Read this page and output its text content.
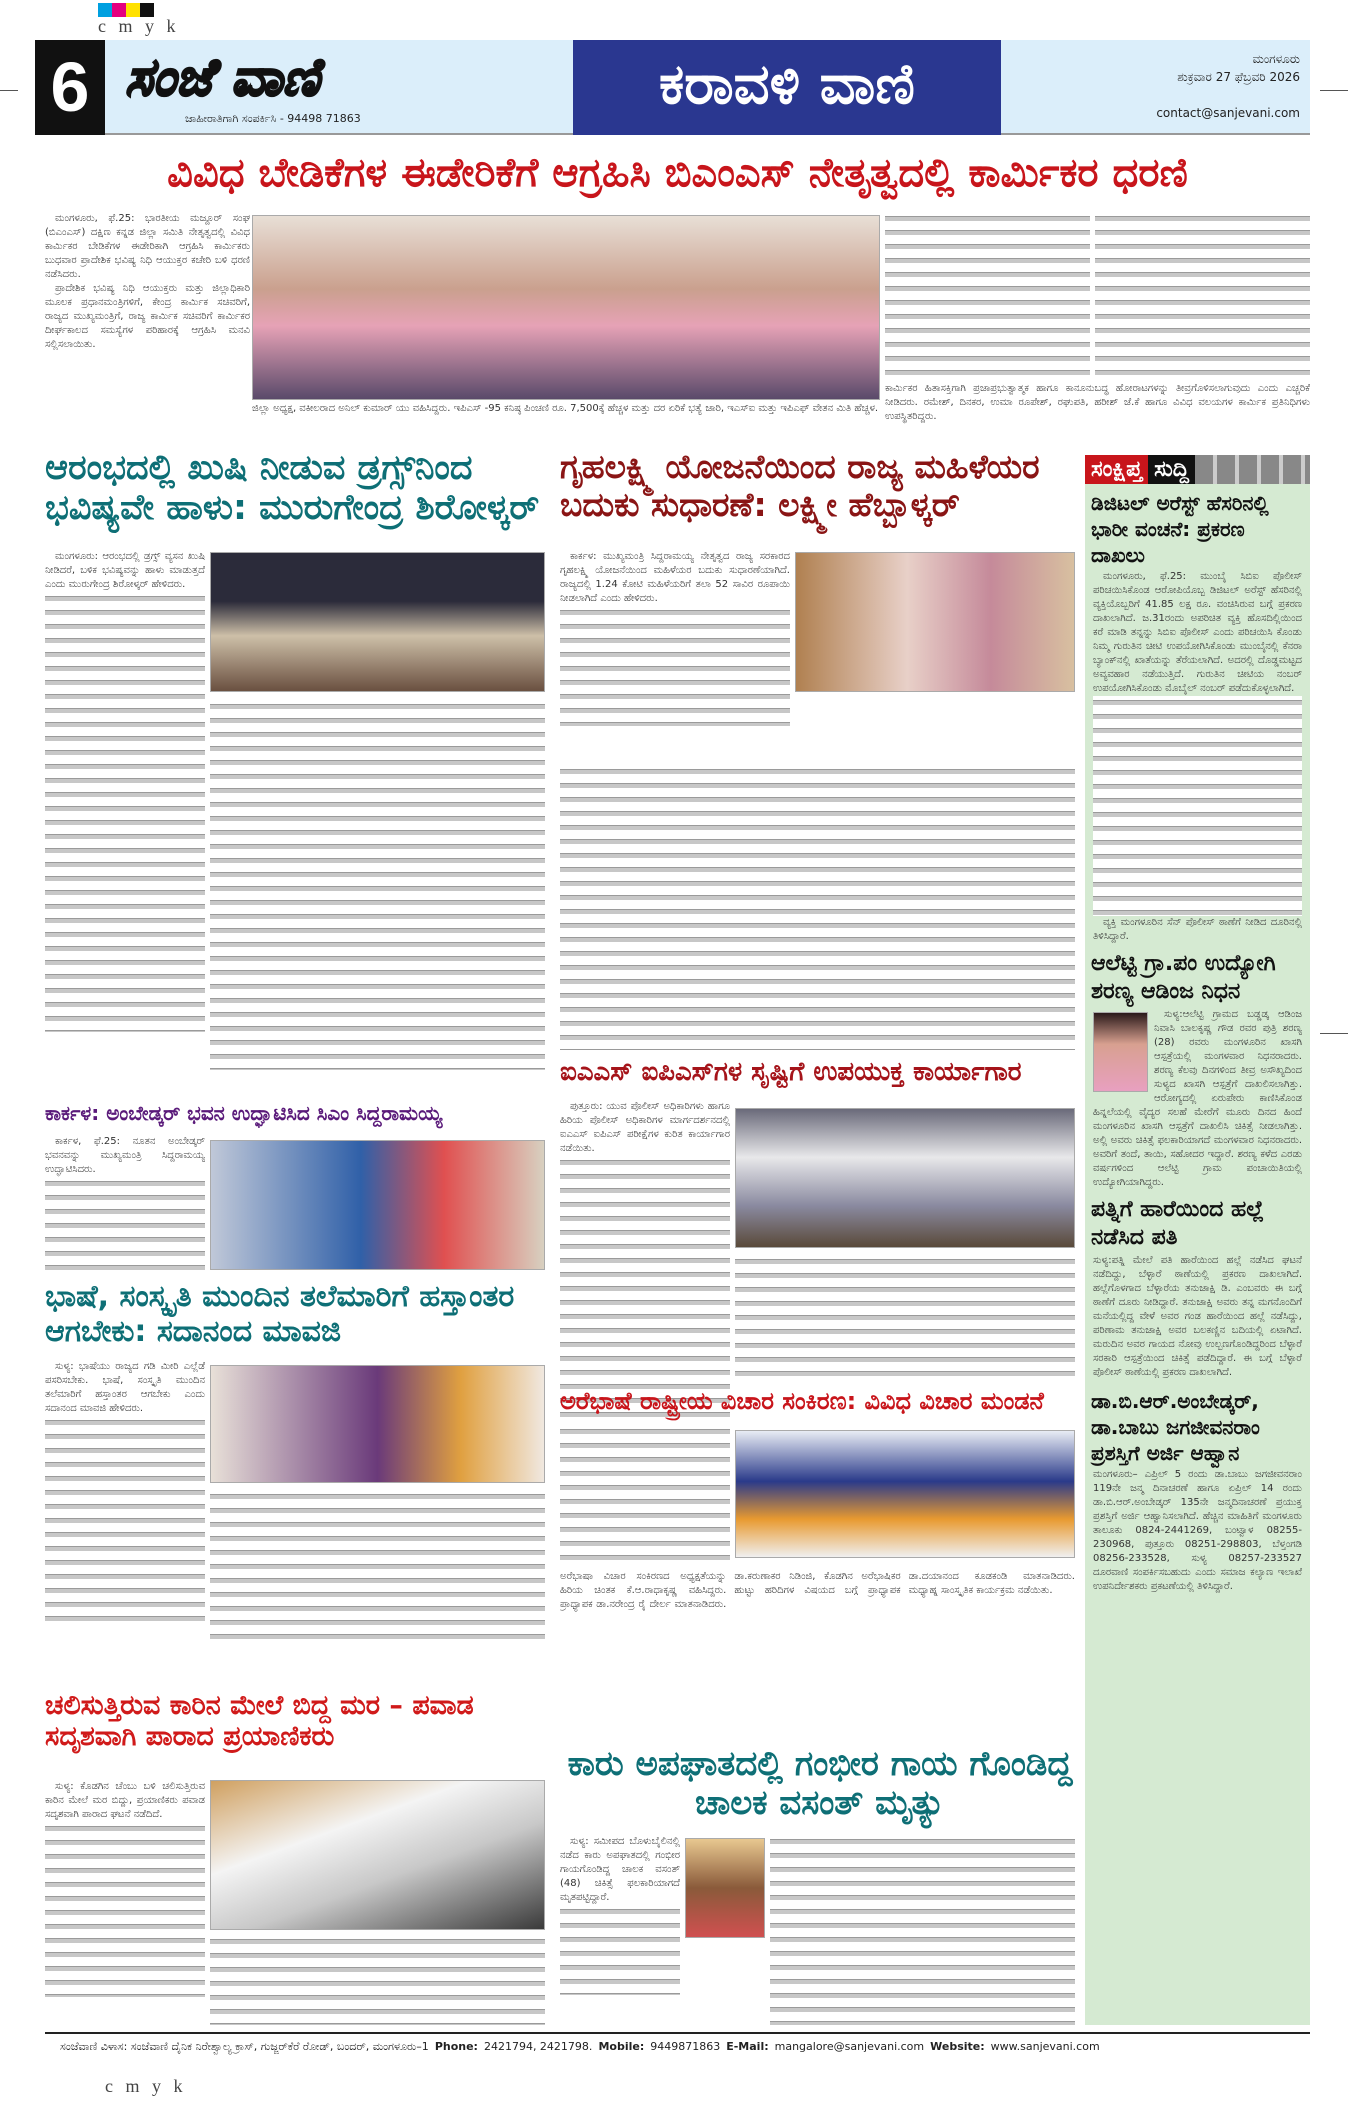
c m y k
c m y k
6 ಸಂಜೆ ವಾಣಿ
ಜಾಹೀರಾತಿಗಾಗಿ ಸಂಪರ್ಕಿಸಿ - 94498 71863
ಕರಾವಳಿ ವಾಣಿ	ಮಂಗಳೂರು
ಶುಕ್ರವಾರ 27 ಫೆಬ್ರವರಿ 2026
contact@sanjevani.com
ವಿವಿಧ ಬೇಡಿಕೆಗಳ ಈಡೇರಿಕೆಗೆ ಆಗ್ರಹಿಸಿ ಬಿಎಂಎಸ್ ನೇತೃತ್ವದಲ್ಲಿ ಕಾರ್ಮಿಕರ ಧರಣಿ

ಮಂಗಳೂರು, ಫೆ.25: ಭಾರತೀಯ ಮಜ್ದೂರ್ ಸಂಘ (ಬಿಎಂಎಸ್) ದಕ್ಷಿಣ ಕನ್ನಡ ಜಿಲ್ಲಾ ಸಮಿತಿ ನೇತೃತ್ವದಲ್ಲಿ ವಿವಿಧ ಕಾರ್ಮಿಕರ ಬೇಡಿಕೆಗಳ ಈಡೇರಿಕಾಗಿ ಆಗ್ರಹಿಸಿ ಕಾರ್ಮಿಕರು ಬುಧವಾರ ಪ್ರಾದೇಶಿಕ ಭವಿಷ್ಯ ನಿಧಿ ಆಯುಕ್ತರ ಕಚೇರಿ ಬಳಿ ಧರಣಿ ನಡೆಸಿದರು.

ಪ್ರಾದೇಶಿಕ ಭವಿಷ್ಯ ನಿಧಿ ಆಯುಕ್ತರು ಮತ್ತು ಜಿಲ್ಲಾಧಿಕಾರಿ ಮೂಲಕ ಪ್ರಧಾನಮಂತ್ರಿಗಳಿಗೆ, ಕೇಂದ್ರ ಕಾರ್ಮಿಕ ಸಚಿವರಿಗೆ, ರಾಜ್ಯದ ಮುಖ್ಯಮಂತ್ರಿಗೆ, ರಾಜ್ಯ ಕಾರ್ಮಿಕ ಸಚಿವರಿಗೆ ಕಾರ್ಮಿಕರ ದೀರ್ಘಕಾಲದ ಸಮಸ್ಯೆಗಳ ಪರಿಹಾರಕ್ಕೆ ಆಗ್ರಹಿಸಿ ಮನವಿ ಸಲ್ಲಿಸಲಾಯಿತು.

ಜಿಲ್ಲಾ ಅಧ್ಯಕ್ಷ, ವಕೀಲರಾದ ಅನಿಲ್ ಕುಮಾರ್ ಯು ವಹಿಸಿದ್ದರು. ಇಪಿಎಸ್ -95 ಕನಿಷ್ಠ ಪಿಂಚಣಿ ರೂ. 7,500ಕ್ಕೆ ಹೆಚ್ಚಳ ಮತ್ತು ದರ ಏರಿಕೆ ಭತ್ಯೆ ಜಾರಿ, ಇಎಸ್ಐ ಮತ್ತು ಇಪಿಎಫ್ ವೇತನ ಮಿತಿ ಹೆಚ್ಚಳ.
ಕಾರ್ಮಿಕರ ಹಿತಾಸಕ್ತಿಗಾಗಿ ಪ್ರಜಾಪ್ರಭುತ್ವಾತ್ಮಕ ಹಾಗೂ ಕಾನೂನುಬದ್ಧ ಹೋರಾಟಗಳನ್ನು ತೀವ್ರಗೊಳಿಸಲಾಗುವುದು ಎಂದು ಎಚ್ಚರಿಕೆ ನೀಡಿದರು. ರಮೇಶ್, ದಿನಕರ, ಉಮಾ ರೂಪೇಶ್, ರಘುಪತಿ, ಹರೀಶ್ ಜೆ.ಕೆ ಹಾಗೂ ವಿವಿಧ ವಲಯಗಳ ಕಾರ್ಮಿಕ ಪ್ರತಿನಿಧಿಗಳು ಉಪಸ್ಥಿತರಿದ್ದರು.
ಆರಂಭದಲ್ಲಿ ಖುಷಿ ನೀಡುವ ಡ್ರಗ್ಸ್‌ನಿಂದ ಭವಿಷ್ಯವೇ ಹಾಳು: ಮುರುಗೇಂದ್ರ ಶಿರೋಳ್ಕರ್

ಮಂಗಳೂರು: ಆರಂಭದಲ್ಲಿ ಡ್ರಗ್ಸ್ ವ್ಯಸನ ಖುಷಿ ನೀಡಿದರೆ, ಬಳಿಕ ಭವಿಷ್ಯವನ್ನು ಹಾಳು ಮಾಡುತ್ತದೆ ಎಂದು ಮುರುಗೇಂದ್ರ ಶಿರೋಳ್ಕರ್ ಹೇಳಿದರು.

ಗೃಹಲಕ್ಷ್ಮಿ ಯೋಜನೆಯಿಂದ ರಾಜ್ಯ ಮಹಿಳೆಯರ ಬದುಕು ಸುಧಾರಣೆ: ಲಕ್ಷ್ಮೀ ಹೆಬ್ಬಾಳ್ಕರ್

ಕಾರ್ಕಳ: ಮುಖ್ಯಮಂತ್ರಿ ಸಿದ್ದರಾಮಯ್ಯ ನೇತೃತ್ವದ ರಾಜ್ಯ ಸರಕಾರದ ಗೃಹಲಕ್ಷ್ಮಿ ಯೋಜನೆಯಿಂದ ಮಹಿಳೆಯರ ಬದುಕು ಸುಧಾರಣೆಯಾಗಿದೆ. ರಾಜ್ಯದಲ್ಲಿ 1.24 ಕೋಟಿ ಮಹಿಳೆಯರಿಗೆ ತಲಾ 52 ಸಾವಿರ ರೂಪಾಯಿ ನೀಡಲಾಗಿದೆ ಎಂದು ಹೇಳಿದರು.

ಐಎಎಸ್ ಐಪಿಎಸ್‌ಗಳ ಸೃಷ್ಟಿಗೆ ಉಪಯುಕ್ತ ಕಾರ್ಯಾಗಾರ

ಪುತ್ತೂರು: ಯುವ ಪೊಲೀಸ್ ಅಧಿಕಾರಿಗಳು ಹಾಗೂ ಹಿರಿಯ ಪೊಲೀಸ್ ಅಧಿಕಾರಿಗಳ ಮಾರ್ಗದರ್ಶನದಲ್ಲಿ ಐಎಎಸ್ ಐಪಿಎಸ್ ಪರೀಕ್ಷೆಗಳ ಕುರಿತ ಕಾರ್ಯಾಗಾರ ನಡೆಯಿತು.

ಕಾರ್ಕಳ: ಅಂಬೇಡ್ಕರ್ ಭವನ ಉದ್ಘಾಟಿಸಿದ ಸಿಎಂ ಸಿದ್ದರಾಮಯ್ಯ

ಕಾರ್ಕಳ, ಫೆ.25: ನೂತನ ಅಂಬೇಡ್ಕರ್ ಭವನವನ್ನು ಮುಖ್ಯಮಂತ್ರಿ ಸಿದ್ದರಾಮಯ್ಯ ಉದ್ಘಾಟಿಸಿದರು.

ಭಾಷೆ, ಸಂಸ್ಕೃತಿ ಮುಂದಿನ ತಲೆಮಾರಿಗೆ ಹಸ್ತಾಂತರ ಆಗಬೇಕು: ಸದಾನಂದ ಮಾವಜಿ

ಸುಳ್ಯ: ಭಾಷೆಯು ರಾಜ್ಯದ ಗಡಿ ಮೀರಿ ಎಲ್ಲೆಡೆ ಪಸರಿಸಬೇಕು. ಭಾಷೆ, ಸಂಸ್ಕೃತಿ ಮುಂದಿನ ತಲೆಮಾರಿಗೆ ಹಸ್ತಾಂತರ ಆಗಬೇಕು ಎಂದು ಸದಾನಂದ ಮಾವಜಿ ಹೇಳಿದರು.	ಅರೆಭಾಷೆ ರಾಷ್ಟ್ರೀಯ ವಿಚಾರ ಸಂಕಿರಣ: ವಿವಿಧ ವಿಚಾರ ಮಂಡನೆ
ಅರೆಭಾಷಾ ವಿಚಾರ ಸಂಕಿರಣದ ಅಧ್ಯಕ್ಷತೆಯನ್ನು ಹಿರಿಯ ಚಿಂತಕ ಕೆ.ಆ.ರಾಧಾಕೃಷ್ಣ ವಹಿಸಿದ್ದರು. ಪ್ರಾಧ್ಯಾಪಕ ಡಾ.ನರೇಂದ್ರ ರೈ ದೇರ್ಲ ಮಾತನಾಡಿದರು. ಡಾ.ಕರುಣಾಕರ ನಿಡಿಂಜಿ, ಕೊಡಗಿನ ಅರೆಭಾಷಿಕರ ಹುಟ್ಟು ಹರಿದಿಗಳ ವಿಷಯದ ಬಗ್ಗೆ ಪ್ರಾಧ್ಯಾಪಕ ಡಾ.ದಯಾನಂದ ಕೂಡಕಂಡಿ ಮಾತನಾಡಿದರು. ಮಧ್ಯಾಹ್ನ ಸಾಂಸ್ಕೃತಿಕ ಕಾರ್ಯಕ್ರಮ ನಡೆಯಿತು.
ಚಲಿಸುತ್ತಿರುವ ಕಾರಿನ ಮೇಲೆ ಬಿದ್ದ ಮರ – ಪವಾಡ ಸದೃಶವಾಗಿ ಪಾರಾದ ಪ್ರಯಾಣಿಕರು

ಸುಳ್ಯ: ಕೊಡಗಿನ ಚೆಂಬು ಬಳಿ ಚಲಿಸುತ್ತಿರುವ ಕಾರಿನ ಮೇಲೆ ಮರ ಬಿದ್ದು, ಪ್ರಯಾಣಿಕರು ಪವಾಡ ಸದೃಶವಾಗಿ ಪಾರಾದ ಘಟನೆ ನಡೆದಿದೆ.

ಕಾರು ಅಪಘಾತದಲ್ಲಿ ಗಂಭೀರ ಗಾಯ ಗೊಂಡಿದ್ದ ಚಾಲಕ ವಸಂತ್ ಮೃತ್ಯು

ಸುಳ್ಯ: ಸಮೀಪದ ಬೊಳುಬೈಲಿನಲ್ಲಿ ನಡೆದ ಕಾರು ಅಪಘಾತದಲ್ಲಿ ಗಂಭೀರ ಗಾಯಗೊಂಡಿದ್ದ ಚಾಲಕ ವಸಂತ್ (48) ಚಿಕಿತ್ಸೆ ಫಲಕಾರಿಯಾಗದೆ ಮೃತಪಟ್ಟಿದ್ದಾರೆ.

ಸಂಕ್ಷಿಪ್ತ ಸುದ್ದಿ
ಡಿಜಿಟಲ್ ಅರೆಸ್ಟ್ ಹೆಸರಿನಲ್ಲಿ ಭಾರೀ ವಂಚನೆ: ಪ್ರಕರಣ ದಾಖಲು

ಮಂಗಳೂರು, ಫೆ.25: ಮುಂಬೈ ಸಿಬಿಐ ಪೊಲೀಸ್ ಪರಿಚಯಿಸಿಕೊಂಡ ಆರೋಪಿಯೊಬ್ಬ ಡಿಜಿಟಲ್ ಅರೆಸ್ಟ್ ಹೆಸರಿನಲ್ಲಿ ವ್ಯಕ್ತಿಯೊಬ್ಬರಿಗೆ 41.85 ಲಕ್ಷ ರೂ. ವಂಚಿಸಿರುವ ಬಗ್ಗೆ ಪ್ರಕರಣ ದಾಖಲಾಗಿದೆ. ಜ.31ರಂದು ಅಪರಿಚಿತ ವ್ಯಕ್ತಿ ಹೊಸದಿಲ್ಲಿಯಿಂದ ಕರೆ ಮಾಡಿ ತನ್ನನ್ನು ಸಿಬಿಐ ಪೊಲೀಸ್ ಎಂದು ಪರಿಚಯಿಸಿ ಕೊಂಡು ನಿಮ್ಮ ಗುರುತಿನ ಚೀಟಿ ಉಪಯೋಗಿಸಿಕೊಂಡು ಮುಂಬೈನಲ್ಲಿ ಕೆನರಾ ಬ್ಯಾಂಕ್‌ನಲ್ಲಿ ಖಾತೆಯನ್ನು ತೆರೆಯಲಾಗಿದೆ. ಅದರಲ್ಲಿ ದೊಡ್ಡಮಟ್ಟದ ಅವ್ಯವಹಾರ ನಡೆಯುತ್ತಿದೆ. ಗುರುತಿನ ಚೀಟಿಯ ನಂಬರ್ ಉಪಯೋಗಿಸಿಕೊಂಡು ಮೊಬೈಲ್ ನಂಬರ್ ಪಡೆದುಕೊಳ್ಳಲಾಗಿದೆ.

ವ್ಯಕ್ತಿ ಮಂಗಳೂರಿನ ಸೆನ್ ಪೊಲೀಸ್ ಠಾಣೆಗೆ ನೀಡಿದ ದೂರಿನಲ್ಲಿ ತಿಳಿಸಿದ್ದಾರೆ.

ಆಲೆಟ್ಟಿ ಗ್ರಾ.ಪಂ ಉದ್ಯೋಗಿ ಶರಣ್ಯ ಆಡಿಂಜ ನಿಧನ

ಸುಳ್ಯ:ಆಲೆಟ್ಟಿ ಗ್ರಾಮದ ಬಡ್ಡಡ್ಕ ಆಡಿಂಜ ನಿವಾಸಿ ಬಾಲಕೃಷ್ಣ ಗೌಡ ರವರ ಪುತ್ರಿ ಶರಣ್ಯ (28) ರವರು ಮಂಗಳೂರಿನ ಖಾಸಗಿ ಆಸ್ಪತ್ರೆಯಲ್ಲಿ ಮಂಗಳವಾರ ನಿಧನರಾದರು. ಶರಣ್ಯ ಕೆಲವು ದಿನಗಳಿಂದ ತೀವ್ರ ಅಸೌಖ್ಯದಿಂದ ಸುಳ್ಯದ ಖಾಸಗಿ ಆಸ್ಪತ್ರೆಗೆ ದಾಖಲಿಸಲಾಗಿತ್ತು. ಆರೋಗ್ಯದಲ್ಲಿ ಏರುಪೇರು ಕಾಣಿಸಿಕೊಂಡ ಹಿನ್ನಲೆಯಲ್ಲಿ ವೈದ್ಯರ ಸಲಹೆ ಮೇರೆಗೆ ಮೂರು ದಿನದ ಹಿಂದೆ ಮಂಗಳೂರಿನ ಖಾಸಗಿ ಆಸ್ಪತ್ರೆಗೆ ದಾಖಲಿಸಿ ಚಿಕಿತ್ಸೆ ನೀಡಲಾಗಿತ್ತು. ಅಲ್ಲಿ ಅವರು ಚಿಕಿತ್ಸೆ ಫಲಕಾರಿಯಾಗದೆ ಮಂಗಳವಾರ ನಿಧನರಾದರು. ಅವರಿಗೆ ತಂದೆ, ತಾಯಿ, ಸಹೋದರ ಇದ್ದಾರೆ. ಶರಣ್ಯ ಕಳೆದ ಎರಡು ವರ್ಷಗಳಿಂದ ಆಲೆಟ್ಟಿ ಗ್ರಾಮ ಪಂಚಾಯಿತಿಯಲ್ಲಿ ಉದ್ಯೋಗಿಯಾಗಿದ್ದರು.

ಪತ್ನಿಗೆ ಹಾರೆಯಿಂದ ಹಲ್ಲೆ ನಡೆಸಿದ ಪತಿ
ಸುಳ್ಯ:ಪತ್ನಿ ಮೇಲೆ ಪತಿ ಹಾರೆಯಿಂದ ಹಲ್ಲೆ ನಡೆಸಿದ ಘಟನೆ ನಡೆದಿದ್ದು, ಬೆಳ್ಳಾರೆ ಠಾಣೆಯಲ್ಲಿ ಪ್ರಕರಣ ದಾಖಲಾಗಿದೆ. ಹಲ್ಲೆಗೊಳಗಾದ ಬೆಳ್ಳಾರೆಯ ತನುಜಾಕ್ಷಿ ಡಿ. ಎಂಬವರು ಈ ಬಗ್ಗೆ ಠಾಣೆಗೆ ದೂರು ನೀಡಿದ್ದಾರೆ. ತನುಜಾಕ್ಷಿ ಅವರು ತನ್ನ ಮಗನೊಂದಿಗೆ ಮನೆಯಲ್ಲಿದ್ದ ವೇಳೆ ಅವರ ಗಂಡ ಹಾರೆಯಿಂದ ಹಲ್ಲೆ ನಡೆಸಿದ್ದು, ಪರಿಣಾಮ ತನುಜಾಕ್ಷಿ ಅವರ ಬಲಕಣ್ಣಿನ ಬದಿಯಲ್ಲಿ ಏಟಾಗಿದೆ. ಮರುದಿನ ಅವರ ಗಾಯದ ನೋವು ಉಲ್ಬಣಗೊಂಡಿದ್ದರಿಂದ ಬೆಳ್ಳಾರೆ ಸರಕಾರಿ ಆಸ್ಪತ್ರೆಯಿಂದ ಚಿಕಿತ್ಸೆ ಪಡೆದಿದ್ದಾರೆ. ಈ ಬಗ್ಗೆ ಬೆಳ್ಳಾರೆ ಪೊಲೀಸ್ ಠಾಣೆಯಲ್ಲಿ ಪ್ರಕರಣ ದಾಖಲಾಗಿದೆ.
ಡಾ.ಬಿ.ಆರ್.ಅಂಬೇಡ್ಕರ್, ಡಾ.ಬಾಬು ಜಗಜೀವನರಾಂ ಪ್ರಶಸ್ತಿಗೆ ಅರ್ಜಿ ಆಹ್ವಾನ
ಮಂಗಳೂರು– ಎಪ್ರಿಲ್ 5 ರಂದು ಡಾ.ಬಾಬು ಜಗಜೀವನರಾಂ 119ನೇ ಜನ್ಮ ದಿನಾಚರಣೆ ಹಾಗೂ ಏಪ್ರಿಲ್ 14 ರಂದು ಡಾ.ಬಿ.ಆರ್.ಅಂಬೇಡ್ಕರ್ 135ನೇ ಜನ್ಮದಿನಾಚರಣೆ ಪ್ರಯುಕ್ತ ಪ್ರಶಸ್ತಿಗೆ ಅರ್ಜಿ ಆಹ್ವಾನಿಸಲಾಗಿದೆ. ಹೆಚ್ಚಿನ ಮಾಹಿತಿಗೆ ಮಂಗಳೂರು ತಾಲೂಕು 0824-2441269, ಬಂಟ್ವಾಳ 08255-230968, ಪುತ್ತೂರು 08251-298803, ಬೆಳ್ತಂಗಡಿ 08256-233528, ಸುಳ್ಯ 08257-233527 ದೂರವಾಣಿ ಸಂಪರ್ಕಿಸಬಹುದು ಎಂದು ಸಮಾಜ ಕಲ್ಯಾಣ ಇಲಾಖೆ ಉಪನಿರ್ದೇಶಕರು ಪ್ರಕಟಣೆಯಲ್ಲಿ ತಿಳಿಸಿದ್ದಾರೆ.
ಸಂಜೆವಾಣಿ ವಿಳಾಸ: ಸಂಜೆವಾಣಿ ದೈನಿಕ ನಿರೇಶ್ವಾಲ್ಯ ಕ್ರಾಸ್, ಗುಜ್ಜರ್‌ಕೆರೆ ರೋಡ್, ಬಂದರ್, ಮಂಗಳೂರು–1 Phone: 2421794, 2421798. Mobile: 9449871863 E-Mail: mangalore@sanjevani.com Website: www.sanjevani.com
